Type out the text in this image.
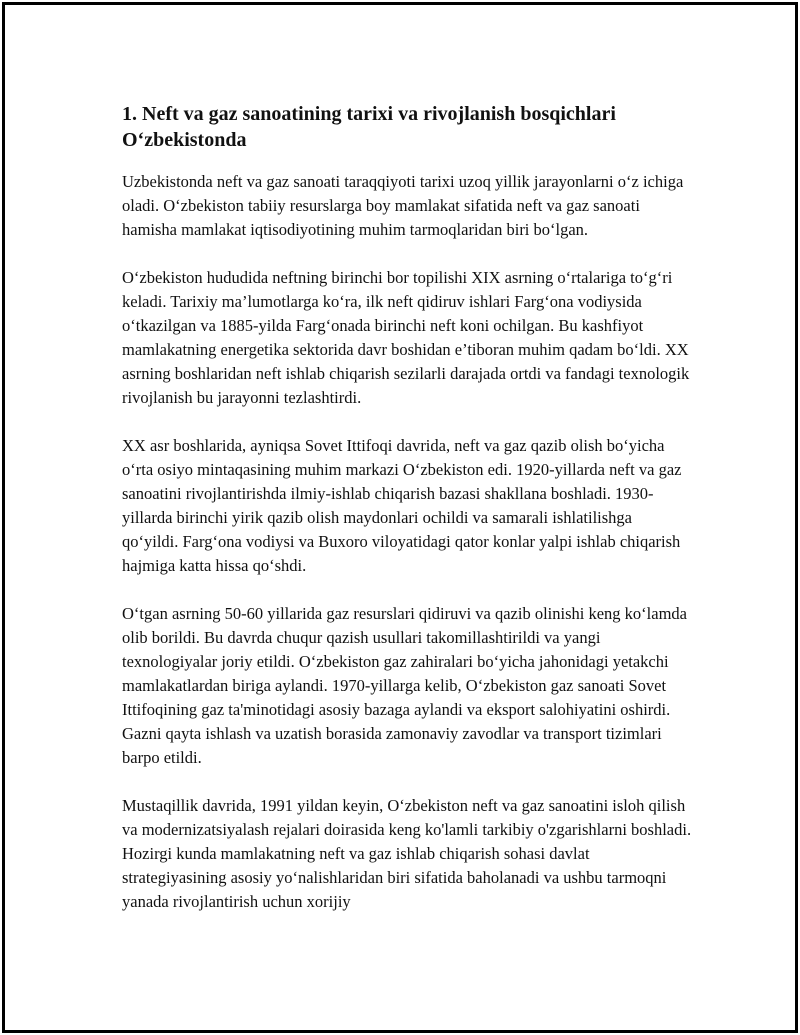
1. Neft va gaz sanoatining tarixi va rivojlanish bosqichlari O‘zbekistonda

Uzbekistonda neft va gaz sanoati taraqqiyoti tarixi uzoq yillik jarayonlarni o‘z ichiga oladi. O‘zbekiston tabiiy resurslarga boy mamlakat sifatida neft va gaz sanoati hamisha mamlakat iqtisodiyotining muhim tarmoqlaridan biri bo‘lgan.

O‘zbekiston hududida neftning birinchi bor topilishi XIX asrning o‘rtalariga to‘g‘ri keladi. Tarixiy ma’lumotlarga ko‘ra, ilk neft qidiruv ishlari Farg‘ona vodiysida o‘tkazilgan va 1885-yilda Farg‘onada birinchi neft koni ochilgan. Bu kashfiyot mamlakatning energetika sektorida davr boshidan e’tiboran muhim qadam bo‘ldi. XX asrning boshlaridan neft ishlab chiqarish sezilarli darajada ortdi va fandagi texnologik rivojlanish bu jarayonni tezlashtirdi.

XX asr boshlarida, ayniqsa Sovet Ittifoqi davrida, neft va gaz qazib olish bo‘yicha o‘rta osiyo mintaqasining muhim markazi O‘zbekiston edi. 1920-yillarda neft va gaz sanoatini rivojlantirishda ilmiy-ishlab chiqarish bazasi shakllana boshladi. 1930-yillarda birinchi yirik qazib olish maydonlari ochildi va samarali ishlatilishga qo‘yildi. Farg‘ona vodiysi va Buxoro viloyatidagi qator konlar yalpi ishlab chiqarish hajmiga katta hissa qo‘shdi.

O‘tgan asrning 50-60 yillarida gaz resurslari qidiruvi va qazib olinishi keng ko‘lamda olib borildi. Bu davrda chuqur qazish usullari takomillashtirildi va yangi texnologiyalar joriy etildi. O‘zbekiston gaz zahiralari bo‘yicha jahonidagi yetakchi mamlakatlardan biriga aylandi. 1970-yillarga kelib, O‘zbekiston gaz sanoati Sovet Ittifoqining gaz ta'minotidagi asosiy bazaga aylandi va eksport salohiyatini oshirdi. Gazni qayta ishlash va uzatish borasida zamonaviy zavodlar va transport tizimlari barpo etildi.

Mustaqillik davrida, 1991 yildan keyin, O‘zbekiston neft va gaz sanoatini isloh qilish va modernizatsiyalash rejalari doirasida keng ko'lamli tarkibiy o'zgarishlarni boshladi. Hozirgi kunda mamlakatning neft va gaz ishlab chiqarish sohasi davlat strategiyasining asosiy yo‘nalishlaridan biri sifatida baholanadi va ushbu tarmoqni yanada rivojlantirish uchun xorijiy
